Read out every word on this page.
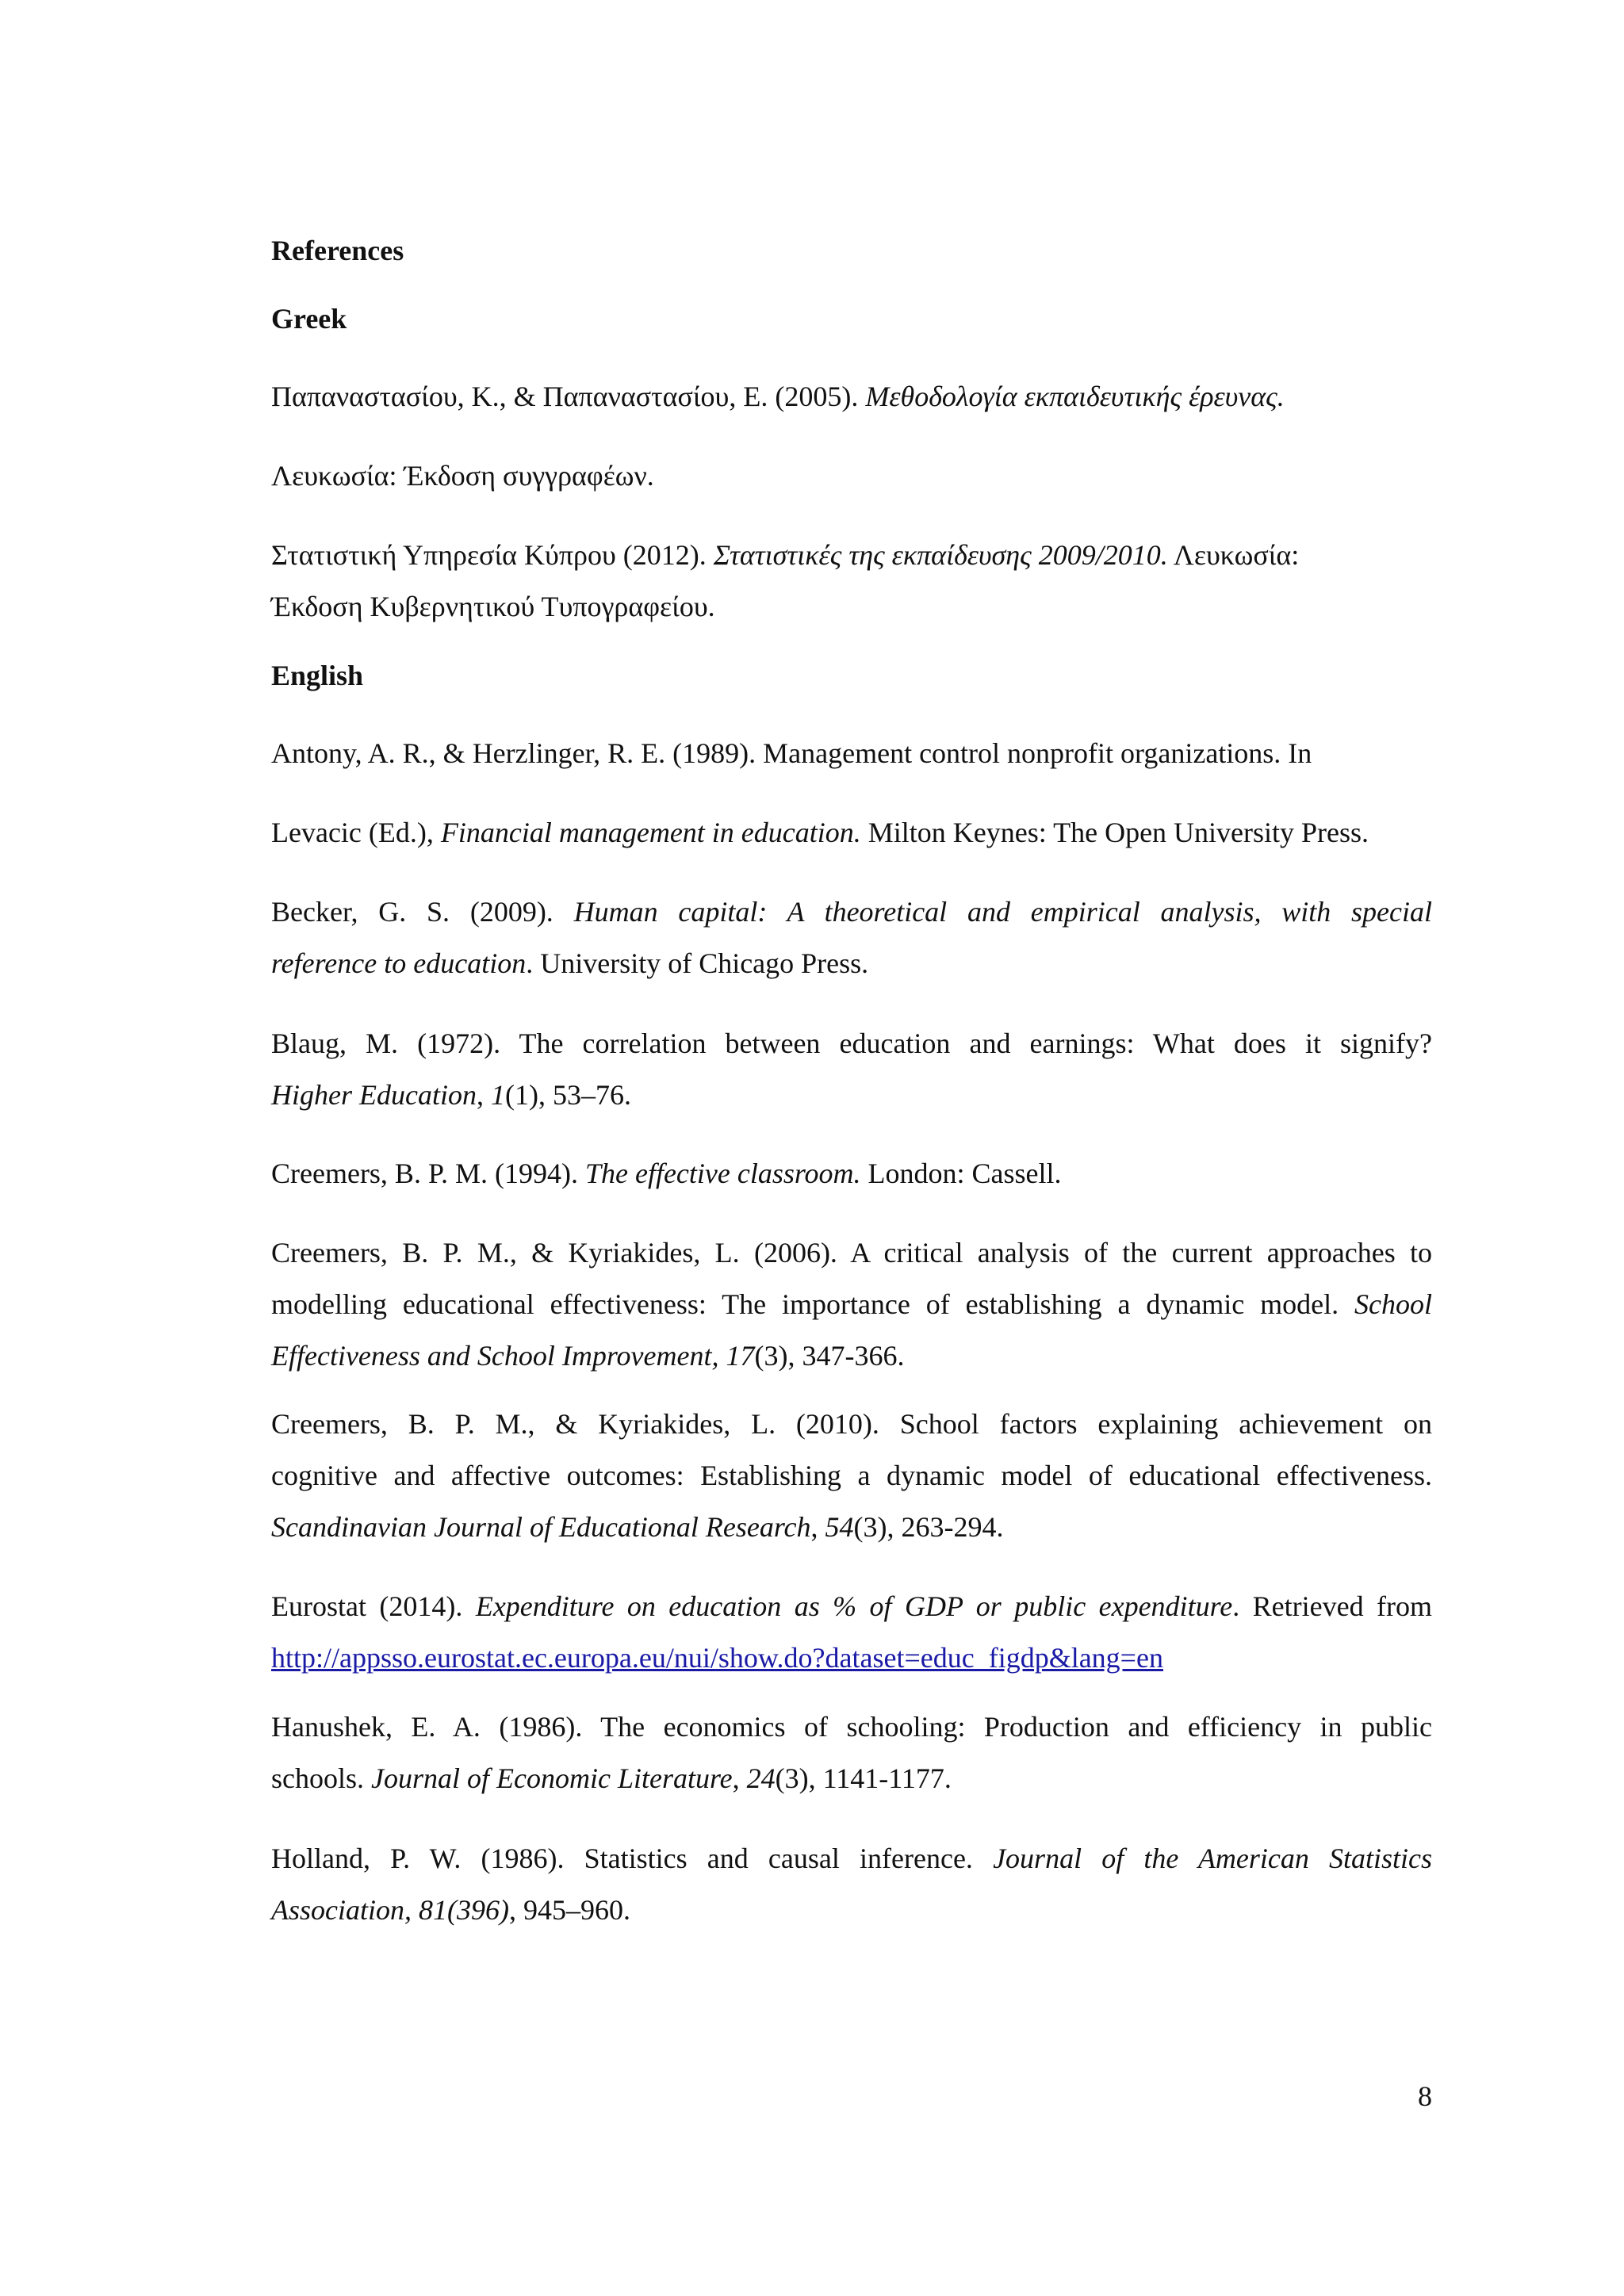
References
Greek

Παπαναστασίου, Κ., & Παπαναστασίου, Ε. (2005). Μεθοδολογία εκπαιδευτικής έρευνας.

Λευκωσία: Έκδοση συγγραφέων.

Στατιστική Υπηρεσία Κύπρου (2012). Στατιστικές της εκπαίδευσης 2009/2010. Λευκωσία:
Έκδοση Κυβερνητικού Τυπογραφείου.

English

Antony, A. R., & Herzlinger, R. E. (1989). Management control nonprofit organizations. In

Levacic (Ed.), Financial management in education. Milton Keynes: The Open University Press.

Becker, G. S. (2009). Human capital: A theoretical and empirical analysis, with special
reference to education. University of Chicago Press.

Blaug, M. (1972). The correlation between education and earnings: What does it signify?
Higher Education, 1(1), 53–76.

Creemers, B. P. M. (1994). The effective classroom. London: Cassell.

Creemers, B. P. M., & Kyriakides, L. (2006). A critical analysis of the current approaches to
modelling educational effectiveness: The importance of establishing a dynamic model. School
Effectiveness and School Improvement, 17(3), 347-366.

Creemers, B. P. M., & Kyriakides, L. (2010). School factors explaining achievement on
cognitive and affective outcomes: Establishing a dynamic model of educational effectiveness.
Scandinavian Journal of Educational Research, 54(3), 263-294.

Eurostat (2014). Expenditure on education as % of GDP or public expenditure. Retrieved from
http://appsso.eurostat.ec.europa.eu/nui/show.do?dataset=educ_figdp&lang=en

Hanushek, E. A. (1986). The economics of schooling: Production and efficiency in public
schools. Journal of Economic Literature, 24(3), 1141-1177.

Holland, P. W. (1986). Statistics and causal inference. Journal of the American Statistics
Association, 81(396), 945–960.

8
